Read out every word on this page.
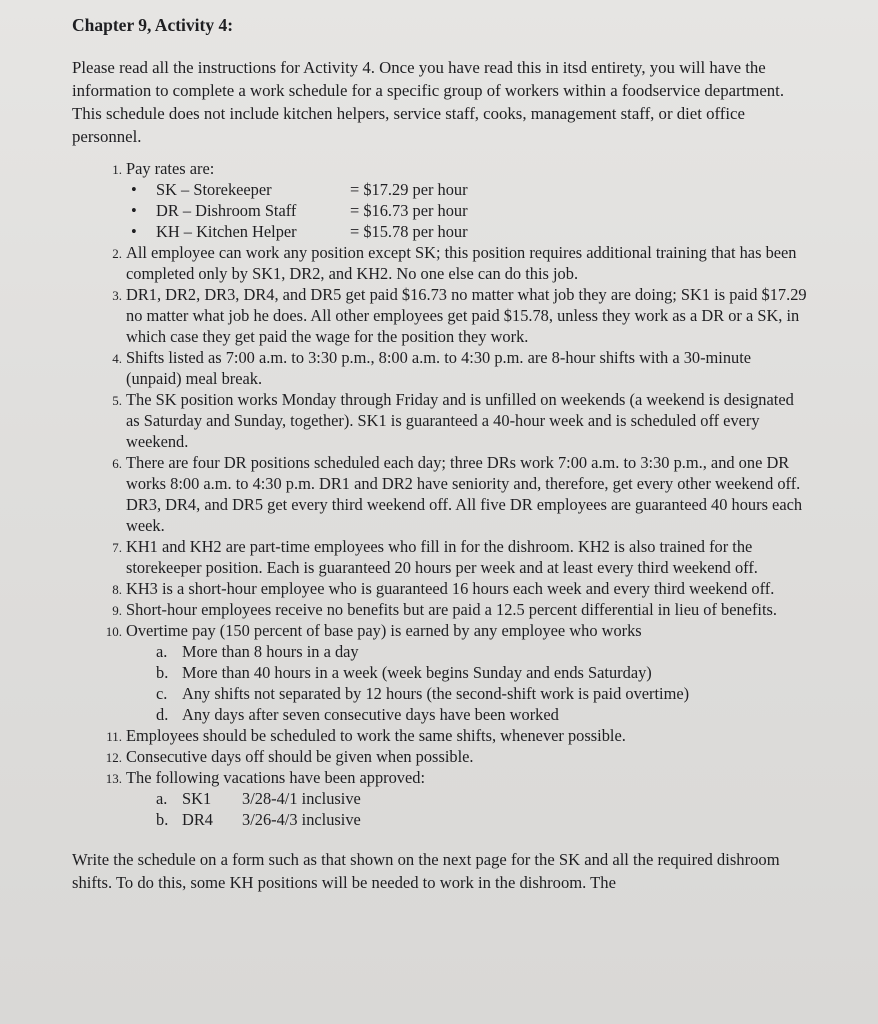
Chapter 9, Activity 4:

Please read all the instructions for Activity 4. Once you have read this in itsd entirety, you will have the information to complete a work schedule for a specific group of workers within a foodservice department. This schedule does not include kitchen helpers, service staff, cooks, management staff, or diet office personnel.

1. Pay rates are:
• SK – Storekeeper	= $17.29 per hour
• DR – Dishroom Staff	= $16.73 per hour
• KH – Kitchen Helper	= $15.78 per hour
2. All employee can work any position except SK; this position requires additional training that has been completed only by SK1, DR2, and KH2. No one else can do this job.
3. DR1, DR2, DR3, DR4, and DR5 get paid $16.73 no matter what job they are doing; SK1 is paid $17.29 no matter what job he does. All other employees get paid $15.78, unless they work as a DR or a SK, in which case they get paid the wage for the position they work.
4. Shifts listed as 7:00 a.m. to 3:30 p.m., 8:00 a.m. to 4:30 p.m. are 8-hour shifts with a 30-minute (unpaid) meal break.
5. The SK position works Monday through Friday and is unfilled on weekends (a weekend is designated as Saturday and Sunday, together). SK1 is guaranteed a 40-hour week and is scheduled off every weekend.
6. There are four DR positions scheduled each day; three DRs work 7:00 a.m. to 3:30 p.m., and one DR works 8:00 a.m. to 4:30 p.m. DR1 and DR2 have seniority and, therefore, get every other weekend off. DR3, DR4, and DR5 get every third weekend off. All five DR employees are guaranteed 40 hours each week.
7. KH1 and KH2 are part-time employees who fill in for the dishroom. KH2 is also trained for the storekeeper position. Each is guaranteed 20 hours per week and at least every third weekend off.
8. KH3 is a short-hour employee who is guaranteed 16 hours each week and every third weekend off.
9. Short-hour employees receive no benefits but are paid a 12.5 percent differential in lieu of benefits.
10. Overtime pay (150 percent of base pay) is earned by any employee who works
a. More than 8 hours in a day
b. More than 40 hours in a week (week begins Sunday and ends Saturday)
c. Any shifts not separated by 12 hours (the second-shift work is paid overtime)
d. Any days after seven consecutive days have been worked
11. Employees should be scheduled to work the same shifts, whenever possible.
12. Consecutive days off should be given when possible.
13. The following vacations have been approved:
a. SK1 3/28-4/1 inclusive
b. DR4 3/26-4/3 inclusive

Write the schedule on a form such as that shown on the next page for the SK and all the required dishroom shifts. To do this, some KH positions will be needed to work in the dishroom. The
